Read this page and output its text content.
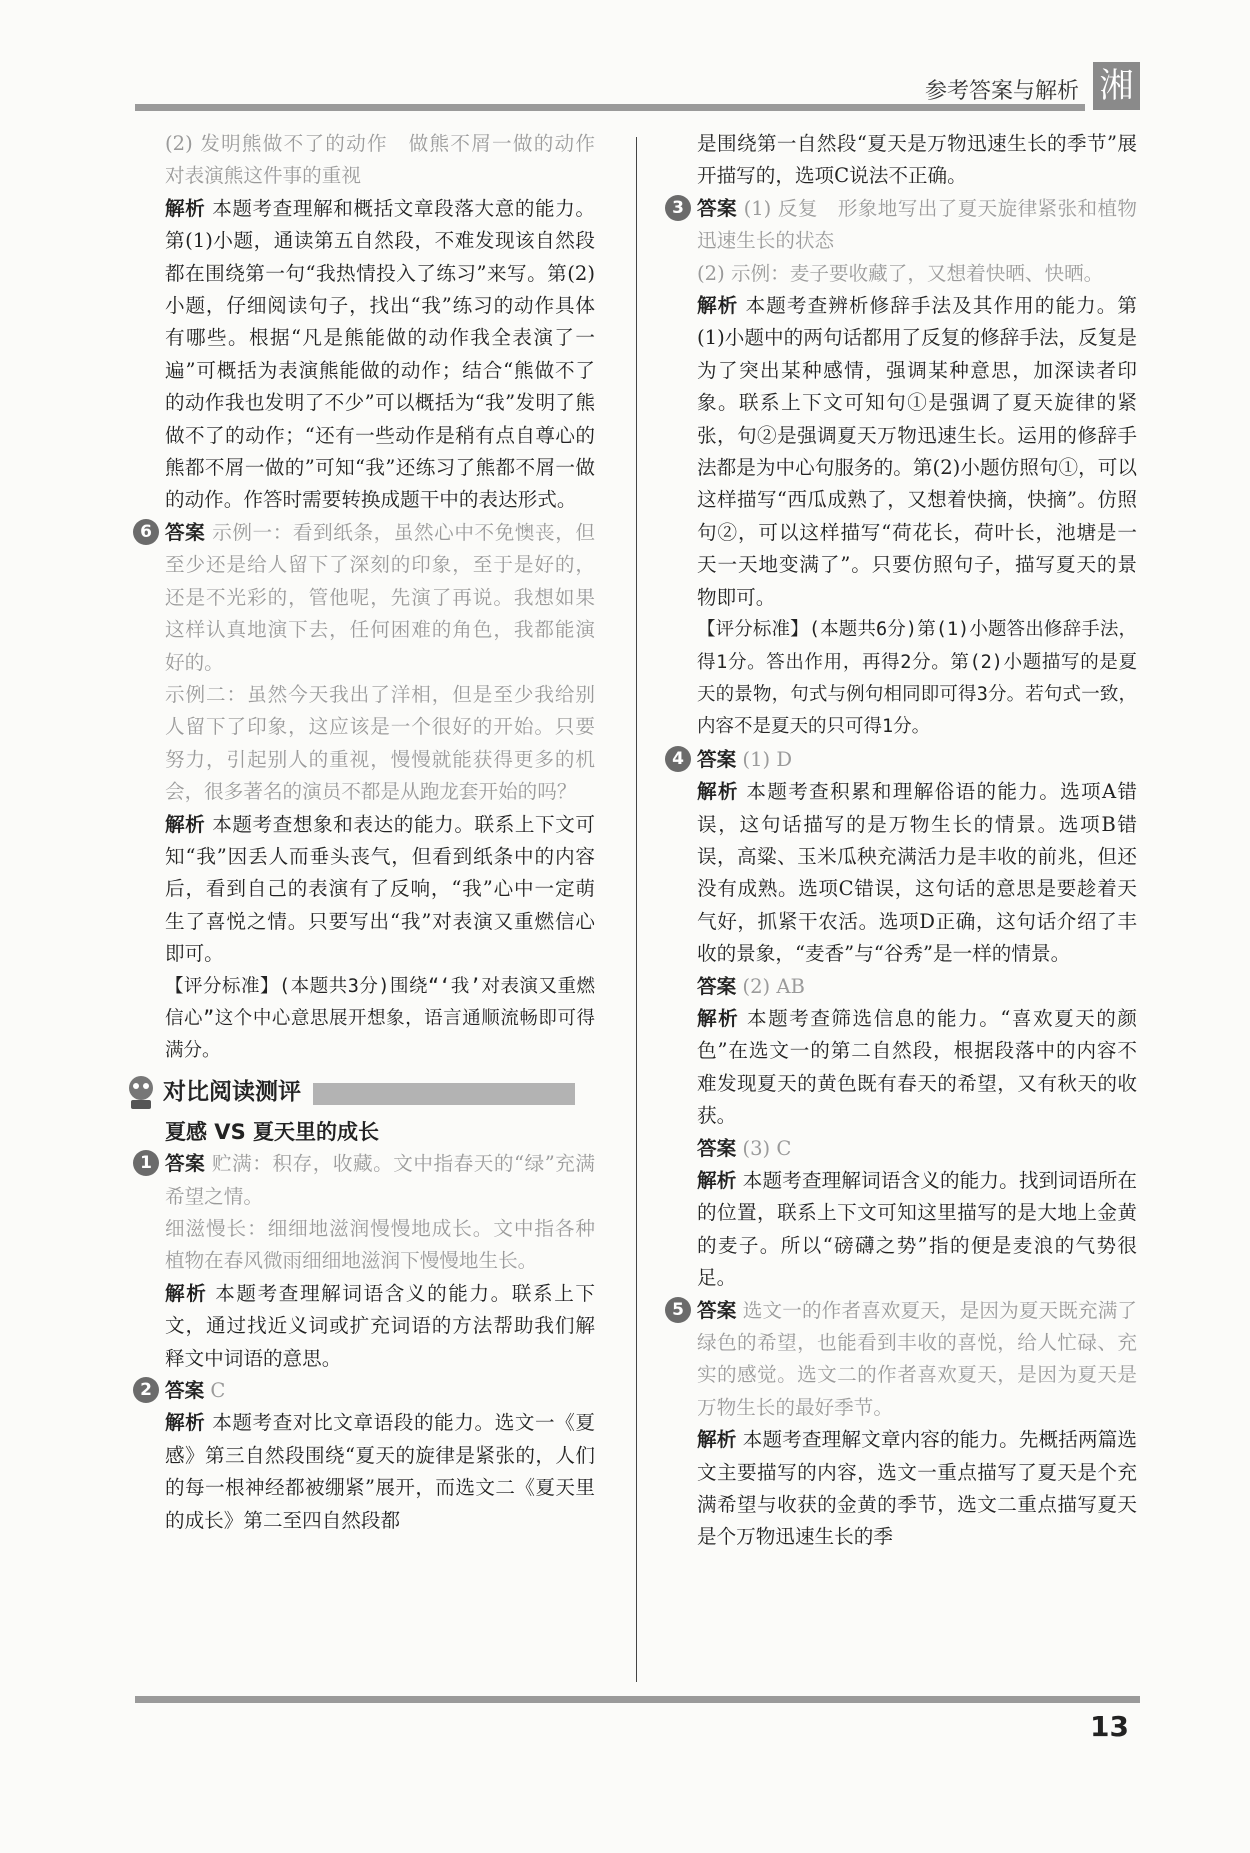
参考答案与解析 湘

(2) 发明熊做不了的动作　做熊不屑一做的动作　对表演熊这件事的重视

解析 本题考查理解和概括文章段落大意的能力。第(1)小题，通读第五自然段，不难发现该自然段都在围绕第一句“我热情投入了练习”来写。第(2)小题，仔细阅读句子，找出“我”练习的动作具体有哪些。根据“凡是熊能做的动作我全表演了一遍”可概括为表演熊能做的动作；结合“熊做不了的动作我也发明了不少”可以概括为“我”发明了熊做不了的动作；“还有一些动作是稍有点自尊心的熊都不屑一做的”可知“我”还练习了熊都不屑一做的动作。作答时需要转换成题干中的表达形式。

6 答案 示例一：看到纸条，虽然心中不免懊丧，但至少还是给人留下了深刻的印象，至于是好的，还是不光彩的，管他呢，先演了再说。我想如果这样认真地演下去，任何困难的角色，我都能演好的。

示例二：虽然今天我出了洋相，但是至少我给别人留下了印象，这应该是一个很好的开始。只要努力，引起别人的重视，慢慢就能获得更多的机会，很多著名的演员不都是从跑龙套开始的吗？

解析 本题考查想象和表达的能力。联系上下文可知“我”因丢人而垂头丧气，但看到纸条中的内容后，看到自己的表演有了反响，“我”心中一定萌生了喜悦之情。只要写出“我”对表演又重燃信心即可。

【评分标准】(本题共3分)围绕“‘我’对表演又重燃信心”这个中心意思展开想象，语言通顺流畅即可得满分。

对比阅读测评

夏感 VS 夏天里的成长

1 答案 贮满：积存，收藏。文中指春天的“绿”充满希望之情。

细滋慢长：细细地滋润慢慢地成长。文中指各种植物在春风微雨细细地滋润下慢慢地生长。

解析 本题考查理解词语含义的能力。联系上下文，通过找近义词或扩充词语的方法帮助我们解释文中词语的意思。

2 答案 C

解析 本题考查对比文章语段的能力。选文一《夏感》第三自然段围绕“夏天的旋律是紧张的，人们的每一根神经都被绷紧”展开，而选文二《夏天里的成长》第二至四自然段都

是围绕第一自然段“夏天是万物迅速生长的季节”展开描写的，选项C说法不正确。

3 答案 (1) 反复　形象地写出了夏天旋律紧张和植物迅速生长的状态

(2) 示例：麦子要收藏了，又想着快晒、快晒。

解析 本题考查辨析修辞手法及其作用的能力。第(1)小题中的两句话都用了反复的修辞手法，反复是为了突出某种感情，强调某种意思，加深读者印象。联系上下文可知句①是强调了夏天旋律的紧张，句②是强调夏天万物迅速生长。运用的修辞手法都是为中心句服务的。第(2)小题仿照句①，可以这样描写“西瓜成熟了，又想着快摘，快摘”。仿照句②，可以这样描写“荷花长，荷叶长，池塘是一天一天地变满了”。只要仿照句子，描写夏天的景物即可。

【评分标准】(本题共6分)第(1)小题答出修辞手法，得1分。答出作用，再得2分。第(2)小题描写的是夏天的景物，句式与例句相同即可得3分。若句式一致，内容不是夏天的只可得1分。

4 答案 (1) D

解析 本题考查积累和理解俗语的能力。选项A错误，这句话描写的是万物生长的情景。选项B错误，高粱、玉米瓜秧充满活力是丰收的前兆，但还没有成熟。选项C错误，这句话的意思是要趁着天气好，抓紧干农活。选项D正确，这句话介绍了丰收的景象，“麦香”与“谷秀”是一样的情景。

答案 (2) AB

解析 本题考查筛选信息的能力。“喜欢夏天的颜色”在选文一的第二自然段，根据段落中的内容不难发现夏天的黄色既有春天的希望，又有秋天的收获。

答案 (3) C

解析 本题考查理解词语含义的能力。找到词语所在的位置，联系上下文可知这里描写的是大地上金黄的麦子。所以“磅礴之势”指的便是麦浪的气势很足。

5 答案 选文一的作者喜欢夏天，是因为夏天既充满了绿色的希望，也能看到丰收的喜悦，给人忙碌、充实的感觉。选文二的作者喜欢夏天，是因为夏天是万物生长的最好季节。

解析 本题考查理解文章内容的能力。先概括两篇选文主要描写的内容，选文一重点描写了夏天是个充满希望与收获的金黄的季节，选文二重点描写夏天是个万物迅速生长的季

13
